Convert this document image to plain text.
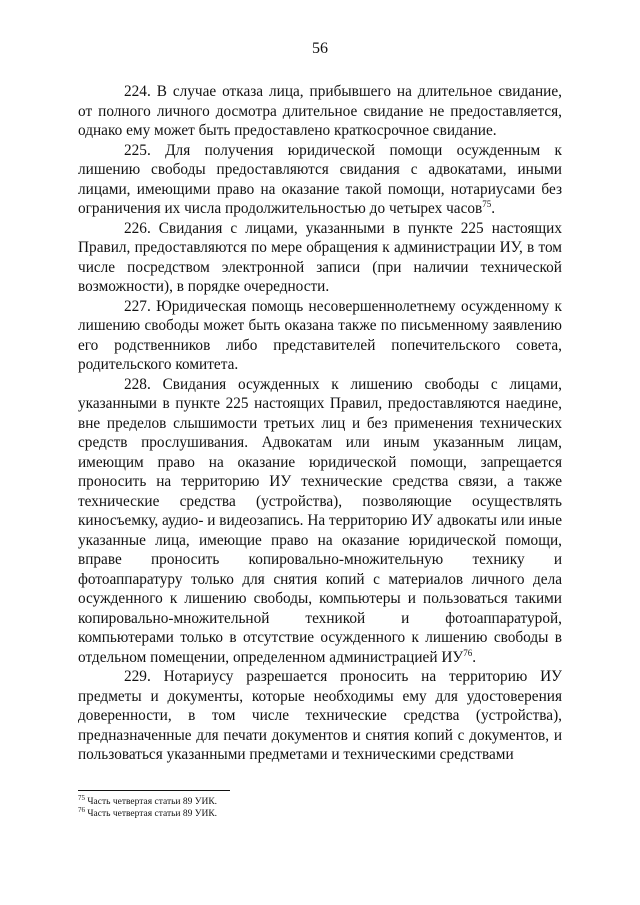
56

224. В случае отказа лица, прибывшего на длительное свидание, от полного личного досмотра длительное свидание не предоставляется, однако ему может быть предоставлено краткосрочное свидание.

225. Для получения юридической помощи осужденным к лишению свободы предоставляются свидания с адвокатами, иными лицами, имеющими право на оказание такой помощи, нотариусами без ограничения их числа продолжительностью до четырех часов$^{75}$.

226. Свидания с лицами, указанными в пункте 225 настоящих Правил, предоставляются по мере обращения к администрации ИУ, в том числе посредством электронной записи (при наличии технической возможности), в порядке очередности.

227. Юридическая помощь несовершеннолетнему осужденному к лишению свободы может быть оказана также по письменному заявлению его родственников либо представителей попечительского совета, родительского комитета.

228. Свидания осужденных к лишению свободы с лицами, указанными в пункте 225 настоящих Правил, предоставляются наедине, вне пределов слышимости третьих лиц и без применения технических средств прослушивания. Адвокатам или иным указанным лицам, имеющим право на оказание юридической помощи, запрещается проносить на территорию ИУ технические средства связи, а также технические средства (устройства), позволяющие осуществлять киносъемку, аудио- и видеозапись. На территорию ИУ адвокаты или иные указанные лица, имеющие право на оказание юридической помощи, вправе проносить копировально-множительную технику и фотоаппаратуру только для снятия копий с материалов личного дела осужденного к лишению свободы, компьютеры и пользоваться такими копировально-множительной техникой и фотоаппаратурой, компьютерами только в отсутствие осужденного к лишению свободы в отдельном помещении, определенном администрацией ИУ$^{76}$.

229. Нотариусу разрешается проносить на территорию ИУ предметы и документы, которые необходимы ему для удостоверения доверенности, в том числе технические средства (устройства), предназначенные для печати документов и снятия копий с документов, и пользоваться указанными предметами и техническими средствами

$^{75}$ Часть четвертая статьи 89 УИК.
$^{76}$ Часть четвертая статьи 89 УИК.
